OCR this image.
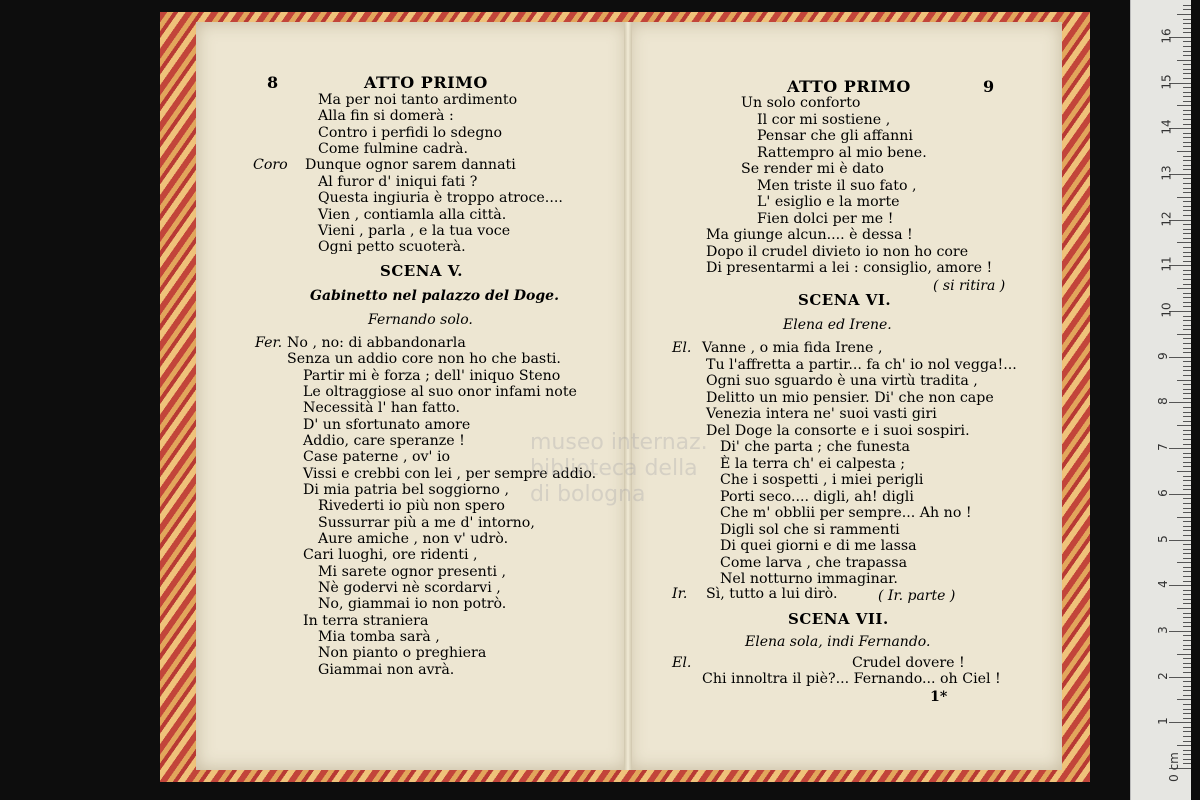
8	ATTO PRIMO
Ma per noi tanto ardimento
Alla fin si domerà :
Contro i perfidi lo sdegno
Come fulmine cadrà.
Coro Dunque ognor sarem dannati
Al furor d' iniqui fati ?
Questa ingiuria è troppo atroce....
Vien , contiamla alla città.
Vieni , parla , e la tua voce
Ogni petto scuoterà.
SCENA V.
Gabinetto nel palazzo del Doge.
Fernando solo.
Fer. No , no: di abbandonarla
Senza un addio core non ho che basti.
Partir mi è forza ; dell' iniquo Steno
Le oltraggiose al suo onor infami note
Necessità l' han fatto.
D' un sfortunato amore
Addio, care speranze !
Case paterne , ov' io
Vissi e crebbi con lei , per sempre addio.
Di mia patria bel soggiorno ,
Rivederti io più non spero
Sussurrar più a me d' intorno,
Aure amiche , non v' udrò.
Cari luoghi, ore ridenti ,
Mi sarete ognor presenti ,
Nè godervi nè scordarvi ,
No, giammai io non potrò.
In terra straniera
Mia tomba sarà ,
Non pianto o preghiera
Giammai non avrà.
ATTO PRIMO	9
Un solo conforto
Il cor mi sostiene ,
Pensar che gli affanni
Rattempro al mio bene.
Se render mi è dato
Men triste il suo fato ,
L' esiglio e la morte
Fien dolci per me !
Ma giunge alcun.... è dessa !
Dopo il crudel divieto io non ho core
Di presentarmi a lei : consiglio, amore !
( si ritira )
SCENA VI.
Elena ed Irene.
El. Vanne , o mia fida Irene ,
Tu l'affretta a partir... fa ch' io nol vegga!...
Ogni suo sguardo è una virtù tradita ,
Delitto un mio pensier. Di' che non cape
Venezia intera ne' suoi vasti giri
Del Doge la consorte e i suoi sospiri.
Di' che parta ; che funesta
È la terra ch' ei calpesta ;
Che i sospetti , i miei perigli
Porti seco.... digli, ah! digli
Che m' obblii per sempre... Ah no !
Digli sol che si rammenti
Di quei giorni e di me lassa
Come larva , che trapassa
Nel notturno immaginar.
Ir. Sì, tutto a lui dirò.	( Ir. parte )
SCENA VII.
Elena sola, indi Fernando.
El.	Crudel dovere !
Chi innoltra il piè?... Fernando... oh Ciel !
1*
museo internaz.
biblioteca della
di bologna
0 cm
1
2
3
4
5
6
7
8
9
10
11
12
13
14
15
16
